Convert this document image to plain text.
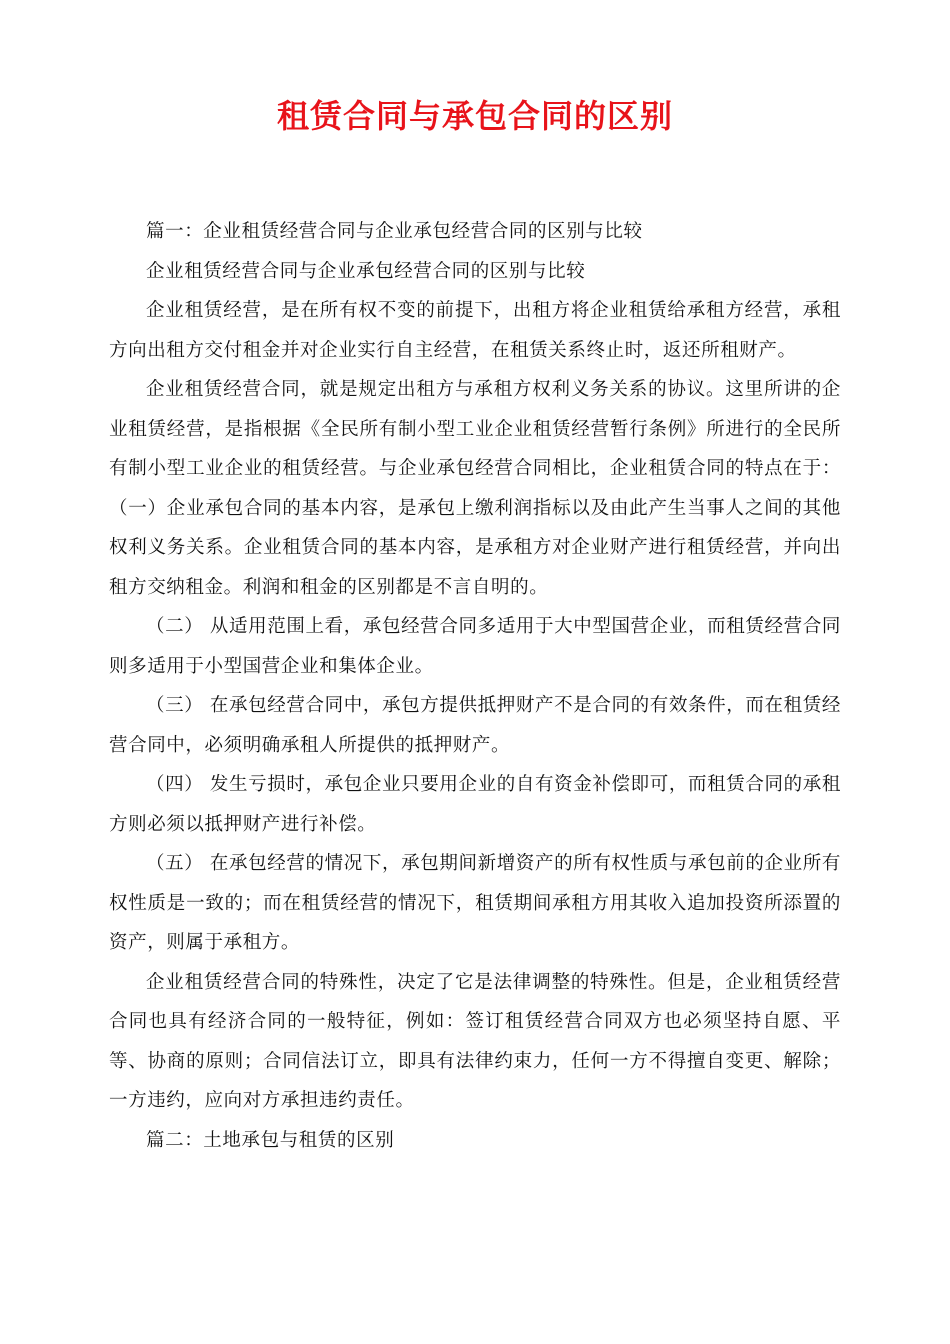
租赁合同与承包合同的区别

篇一：企业租赁经营合同与企业承包经营合同的区别与比较

企业租赁经营合同与企业承包经营合同的区别与比较

企业租赁经营，是在所有权不变的前提下，出租方将企业租赁给承租方经营，承租方向出租方交付租金并对企业实行自主经营，在租赁关系终止时，返还所租财产。

企业租赁经营合同，就是规定出租方与承租方权利义务关系的协议。这里所讲的企业租赁经营，是指根据《全民所有制小型工业企业租赁经营暂行条例》所进行的全民所有制小型工业企业的租赁经营。与企业承包经营合同相比，企业租赁合同的特点在于：（一）企业承包合同的基本内容，是承包上缴利润指标以及由此产生当事人之间的其他权利义务关系。企业租赁合同的基本内容，是承租方对企业财产进行租赁经营，并向出租方交纳租金。利润和租金的区别都是不言自明的。

（二） 从适用范围上看，承包经营合同多适用于大中型国营企业，而租赁经营合同则多适用于小型国营企业和集体企业。

（三） 在承包经营合同中，承包方提供抵押财产不是合同的有效条件，而在租赁经营合同中，必须明确承租人所提供的抵押财产。

（四） 发生亏损时，承包企业只要用企业的自有资金补偿即可，而租赁合同的承租方则必须以抵押财产进行补偿。

（五） 在承包经营的情况下，承包期间新增资产的所有权性质与承包前的企业所有权性质是一致的；而在租赁经营的情况下，租赁期间承租方用其收入追加投资所添置的资产，则属于承租方。

企业租赁经营合同的特殊性，决定了它是法律调整的特殊性。但是，企业租赁经营合同也具有经济合同的一般特征，例如：签订租赁经营合同双方也必须坚持自愿、平等、协商的原则；合同信法订立，即具有法律约束力，任何一方不得擅自变更、解除；一方违约，应向对方承担违约责任。

篇二：土地承包与租赁的区别
